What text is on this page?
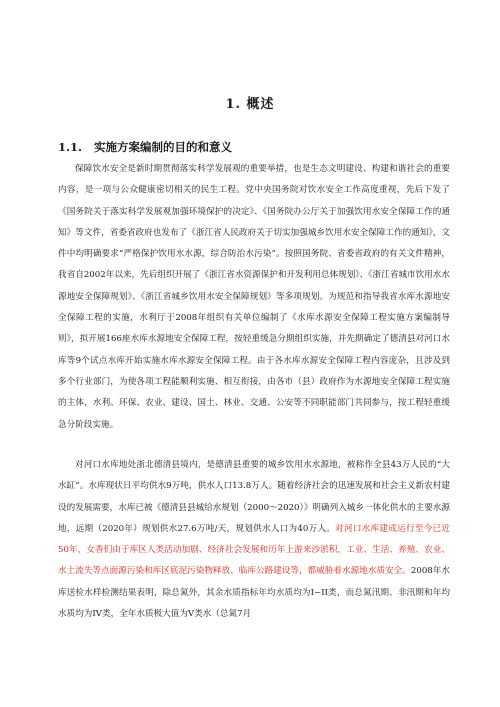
1. 概述
1.1. 实施方案编制的目的和意义

保障饮水安全是新时期贯彻落实科学发展观的重要举措，也是生态文明建设、构建和谐社会的重要内容，是一项与公众健康密切相关的民生工程。党中央国务院对饮水安全工作高度重视，先后下发了《国务院关于落实科学发展观加强环境保护的决定》、《国务院办公厅关于加强饮用水安全保障工作的通知》等文件，省委省政府也发布了《浙江省人民政府关于切实加强城乡饮用水安全保障工作的通知》，文件中均明确要求“严格保护饮用水水源，综合防治水污染”。按照国务院、省委省政府的有关文件精神，我省自2002年以来，先后组织开展了《浙江省水资源保护和开发利用总体规划》、《浙江省城市饮用水水源地安全保障规划》、《浙江省城乡饮用水安全保障规划》等多项规划。为规范和指导我省水库水源地安全保障工程的实施，水利厅于2008年组织有关单位编制了《水库水源安全保障工程实施方案编制导则》，拟开展166座水库水源地安全保障工程，按轻重缓急分期组织实施，并先期确定了德清县对河口水库等9个试点水库开始实施水库水源安全保障工程。由于各水库水源安全保障工程内容庞杂，且涉及到多个行业部门，为使各项工程能顺利实施、相互衔接，由各市（县）政府作为水源地安全保障工程实施的主体，水利、环保、农业、建设、国土、林业、交通、公安等不同职能部门共同参与，按工程轻重缓急分阶段实施。

对河口水库地处浙北德清县境内，是德清县重要的城乡饮用水水源地，被称作全县43万人民的“大水缸”。水库现状日平均供水9万吨，供水人口13.8万人。随着经济社会的迅速发展和社会主义新农村建设的发展需要，水库已被《德清县县城给水规划（2000～2020）》明确列入城乡一体化供水的主要水源地，远期（2020年）规划供水27.6万吨/天，规划供水人口为40万人。对河口水库建成运行至今已近50年，女香们由于库区人类活动加剧、经济社会发展和历年上游来沙淤积，工业、生活、养殖、农业、水土流失等点面源污染和库区底泥污染物释放、临库公路建设等，都威胁着水源地水质安全。2008年水库送检水样检测结果表明，除总氮外，其余水质指标年均水质均为I~II类，而总氮汛期、非汛期和年均水质均为IV类，全年水质极大值为V类水（总氮7月
